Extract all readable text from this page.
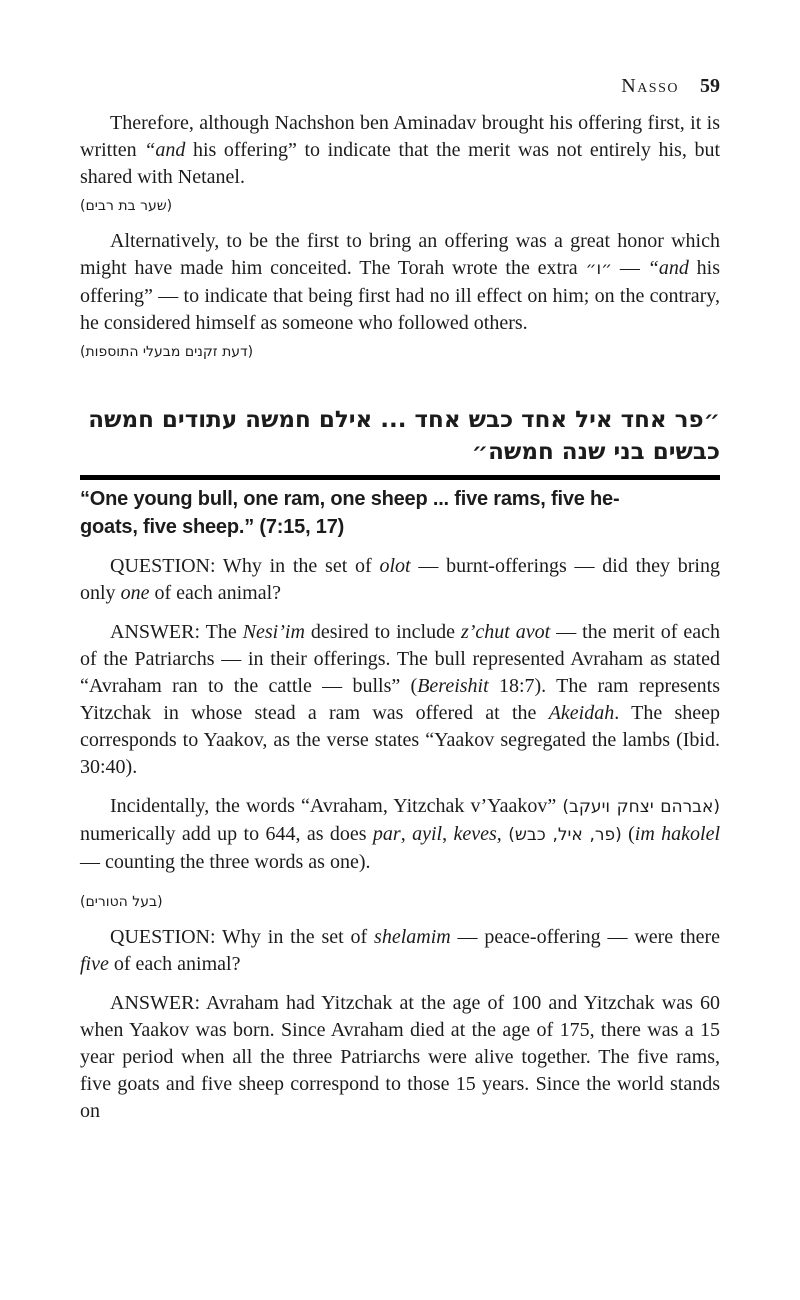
Nasso 59

Therefore, although Nachshon ben Aminadav brought his offering first, it is written “and his offering” to indicate that the merit was not entirely his, but shared with Netanel.

(שער בת רבים)

Alternatively, to be the first to bring an offering was a great honor which might have made him conceited. The Torah wrote the extra ״ו״ — “and his offering” — to indicate that being first had no ill effect on him; on the contrary, he considered himself as someone who followed others.

(דעת זקנים מבעלי התוספות)
״פר אחד איל אחד כבש אחד ... אילם חמשה עתודים חמשה
כבשים בני שנה חמשה״
“One young bull, one ram, one sheep ... five rams, five he-
goats, five sheep.” (7:15, 17)

QUESTION: Why in the set of olot — burnt-offerings — did they bring only one of each animal?

ANSWER: The Nesi’im desired to include z’chut avot — the merit of each of the Patriarchs — in their offerings. The bull represented Avraham as stated “Avraham ran to the cattle — bulls” (Bereishit 18:7). The ram represents Yitzchak in whose stead a ram was offered at the Akeidah. The sheep corresponds to Yaakov, as the verse states “Yaakov segregated the lambs (Ibid. 30:40).

Incidentally, the words “Avraham, Yitzchak v’Yaakov” (אברהם יצחק ויעקב) numerically add up to 644, as does par, ayil, keves, (פר, איל, כבש) (im hakolel — counting the three words as one).

(בעל הטורים)

QUESTION: Why in the set of shelamim — peace-offering — were there five of each animal?

ANSWER: Avraham had Yitzchak at the age of 100 and Yitzchak was 60 when Yaakov was born. Since Avraham died at the age of 175, there was a 15 year period when all the three Patriarchs were alive together. The five rams, five goats and five sheep correspond to those 15 years. Since the world stands on
